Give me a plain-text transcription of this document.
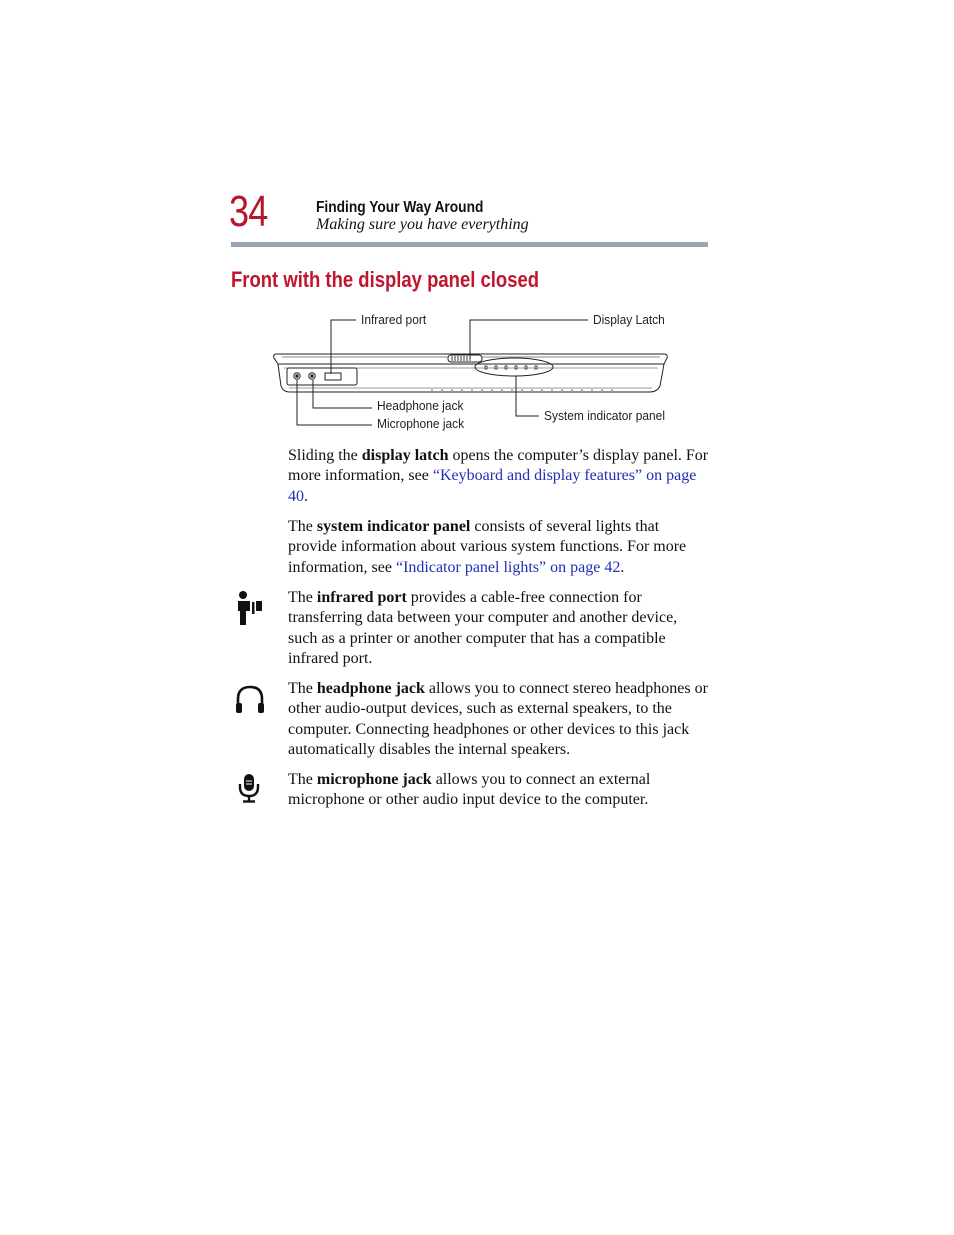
34	Finding Your Way Around
Making sure you have everything
Front with the display panel closed
Infrared port	Display Latch
Headphone jack
Microphone jack
System indicator panel

Sliding the display latch opens the computer’s display panel. For more information, see “Keyboard and display features” on page 40.

The system indicator panel consists of several lights that provide information about various system functions. For more information, see “Indicator panel lights” on page 42.

The infrared port provides a cable-free connection for transferring data between your computer and another device, such as a printer or another computer that has a compatible infrared port.

The headphone jack allows you to connect stereo headphones or other audio-output devices, such as external speakers, to the computer. Connecting headphones or other devices to this jack automatically disables the internal speakers.

The microphone jack allows you to connect an external microphone or other audio input device to the computer.
